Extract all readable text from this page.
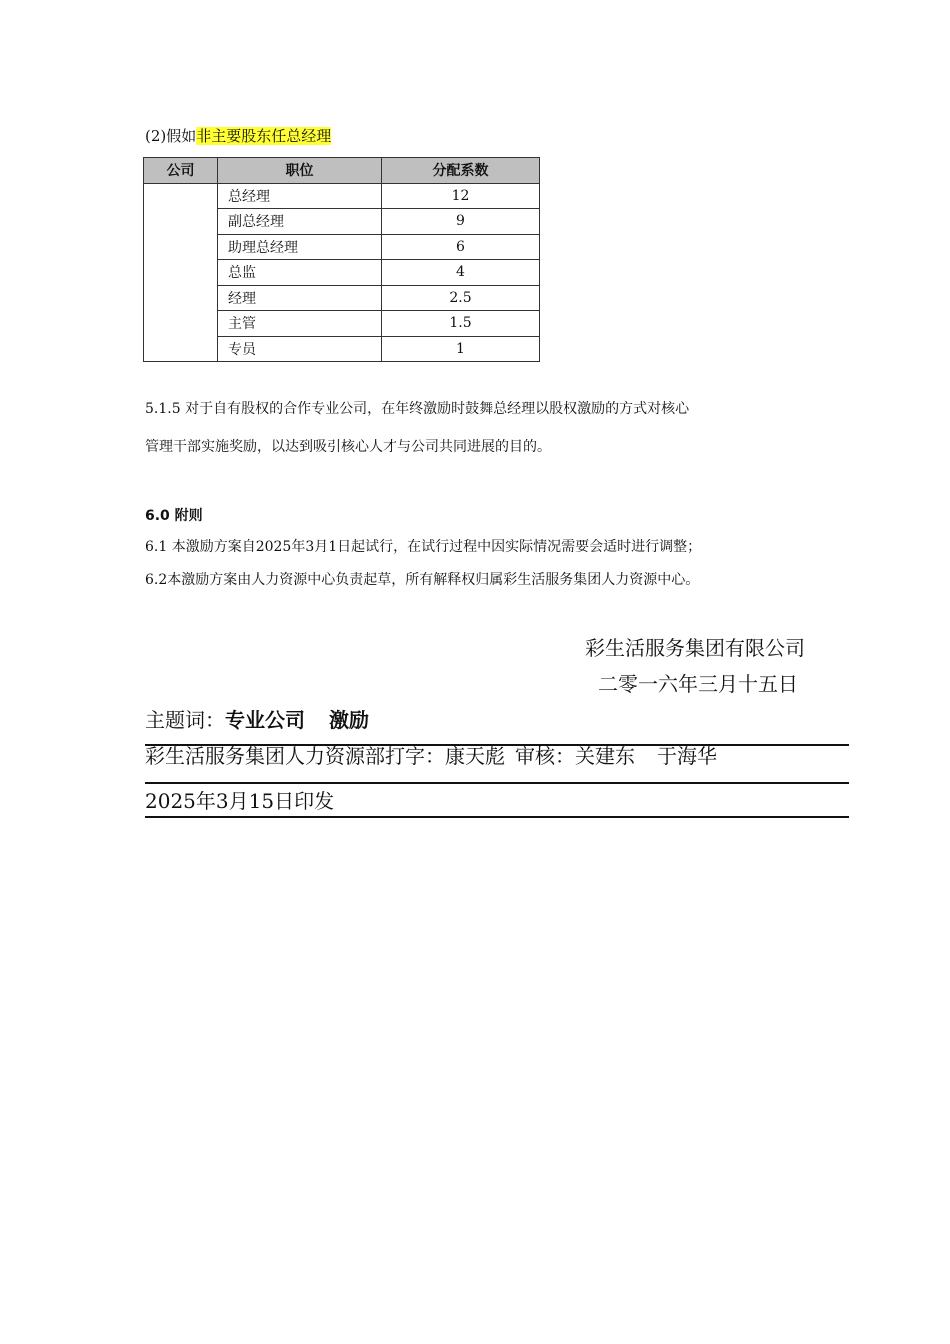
(2)假如非主要股东任总经理
公司	职位	分配系数
	总经理	12
	副总经理	9
	助理总经理	6
	总监	4
	经理	2.5
	主管	1.5
	专员	1
5.1.5 对于自有股权的合作专业公司，在年终激励时鼓舞总经理以股权激励的方式对核心
管理干部实施奖励，以达到吸引核心人才与公司共同进展的目的。
6.0 附则
6.1 本激励方案自2025年3月1日起试行，在试行过程中因实际情况需要会适时进行调整；
6.2本激励方案由人力资源中心负责起草，所有解释权归属彩生活服务集团人力资源中心。
彩生活服务集团有限公司
二零一六年三月十五日
主题词：专业公司 激励
彩生活服务集团人力资源部打字：康天彪 审核：关建东 于海华
2025年3月15日印发
